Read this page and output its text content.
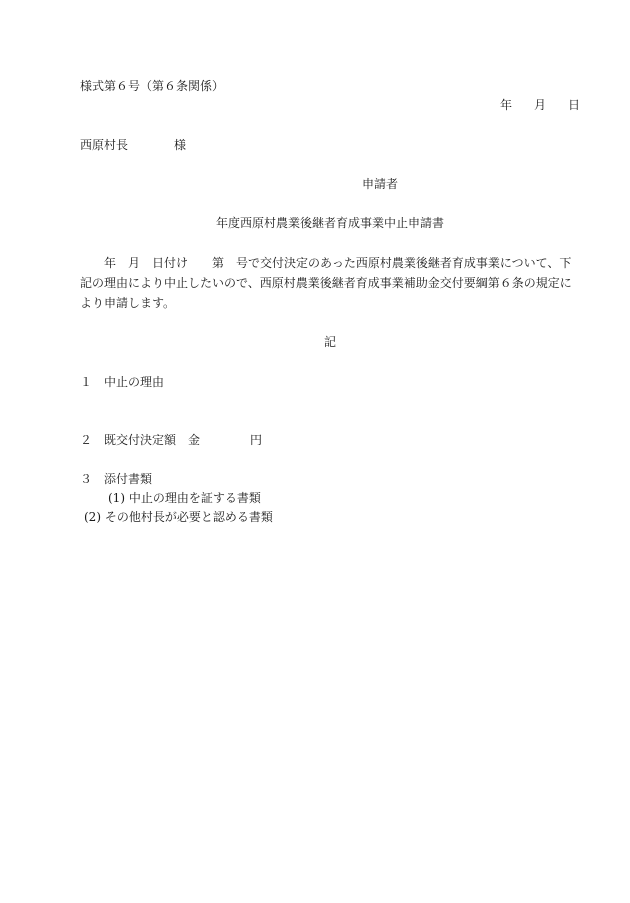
様式第６号（第６条関係）
年 月 日
西原村長	様
申請者
年度西原村農業後継者育成事業中止申請書
年　月　日付け　　第　号で交付決定のあった西原村農業後継者育成事業について、下
記の理由により中止したいので、西原村農業後継者育成事業補助金交付要綱第６条の規定に
より申請します。
記
１ 中止の理由
２ 既交付決定額 金	円
３ 添付書類
(1) 中止の理由を証する書類
(2) その他村長が必要と認める書類
